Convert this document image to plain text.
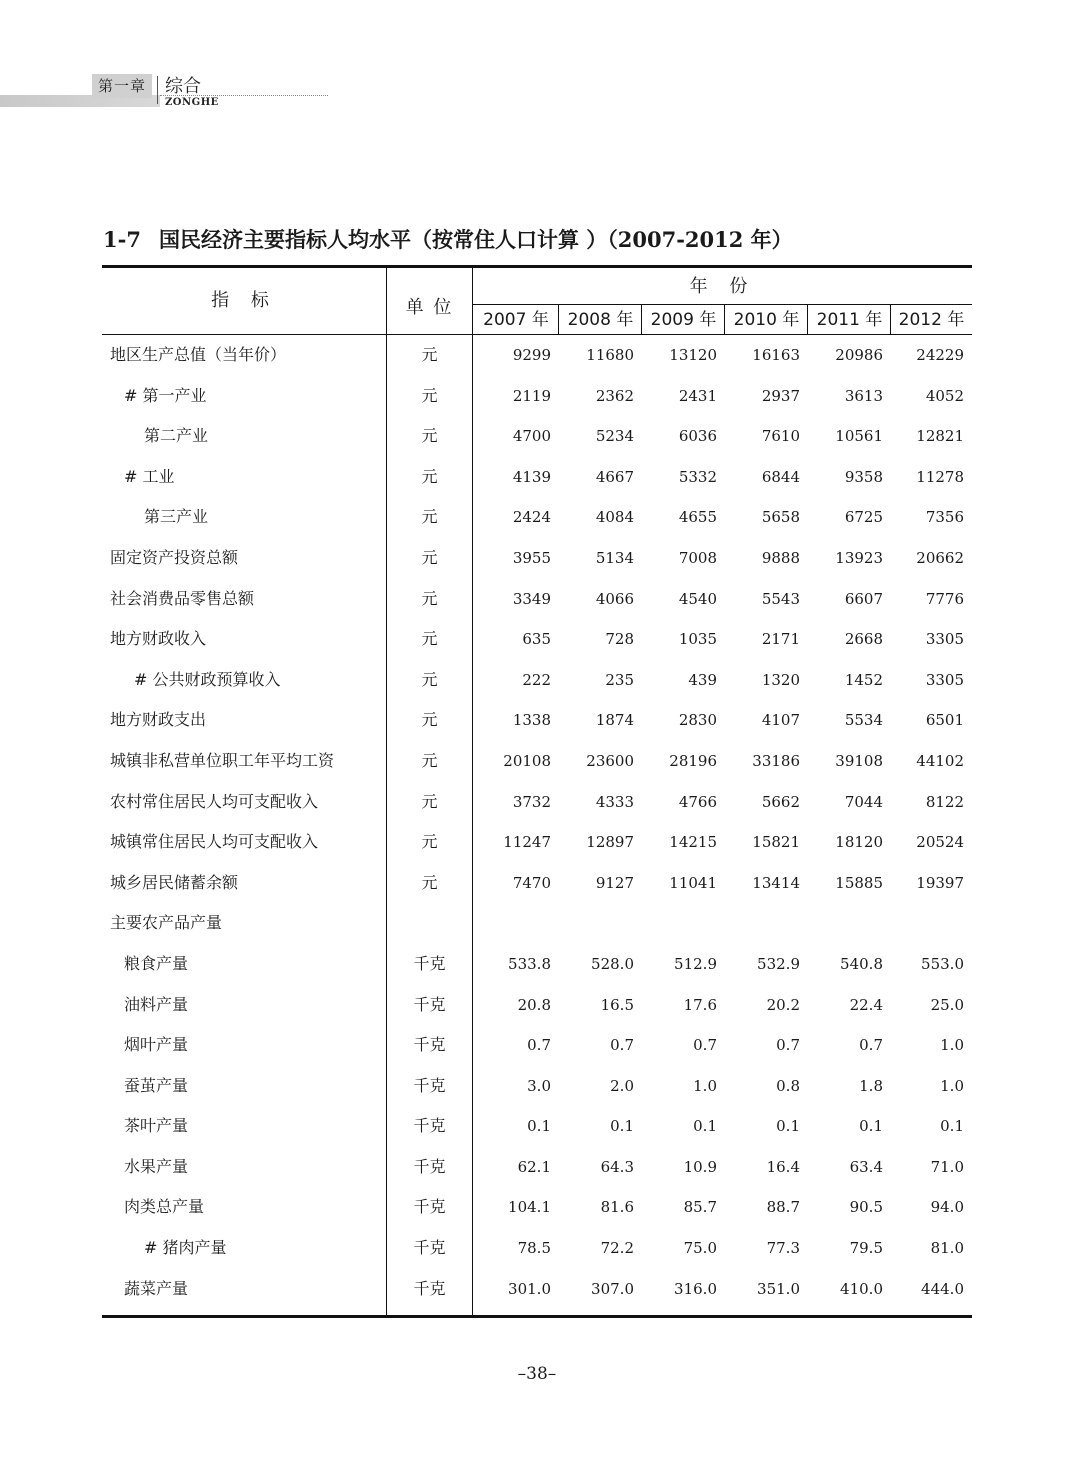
第一章	综合
ZONGHE
1-7 国民经济主要指标人均水平（按常住人口计算 ）（2007-2012 年）
指 标	单 位
年 份
2007 年	2008 年	2009 年	2010 年	2011 年 2012 年
地区生产总值（当年价）	元	9299	11680	13120	16163	20986	24229
# 第一产业	元	2119	2362	2431	2937	3613	4052
第二产业	元	4700	5234	6036	7610	10561	12821
# 工业	元	4139	4667	5332	6844	9358	11278
第三产业	元	2424	4084	4655	5658	6725	7356
固定资产投资总额	元	3955	5134	7008	9888	13923	20662
社会消费品零售总额	元	3349	4066	4540	5543	6607	7776
地方财政收入	元	635	728	1035	2171	2668	3305
# 公共财政预算收入	元	222	235	439	1320	1452	3305
地方财政支出	元	1338	1874	2830	4107	5534	6501
城镇非私营单位职工年平均工资	元	20108	23600	28196	33186	39108	44102
农村常住居民人均可支配收入	元	3732	4333	4766	5662	7044	8122
城镇常住居民人均可支配收入	元	11247	12897	14215	15821	18120	20524
城乡居民储蓄余额	元	7470	9127	11041	13414	15885	19397
主要农产品产量
粮食产量	千克	533.8	528.0	512.9	532.9	540.8	553.0
油料产量	千克	20.8	16.5	17.6	20.2	22.4	25.0
烟叶产量	千克	0.7	0.7	0.7	0.7	0.7	1.0
蚕茧产量	千克	3.0	2.0	1.0	0.8	1.8	1.0
茶叶产量	千克	0.1	0.1	0.1	0.1	0.1	0.1
水果产量	千克	62.1	64.3	10.9	16.4	63.4	71.0
肉类总产量	千克	104.1	81.6	85.7	88.7	90.5	94.0
# 猪肉产量	千克	78.5	72.2	75.0	77.3	79.5	81.0
蔬菜产量	千克	301.0	307.0	316.0	351.0	410.0	444.0
–38–
